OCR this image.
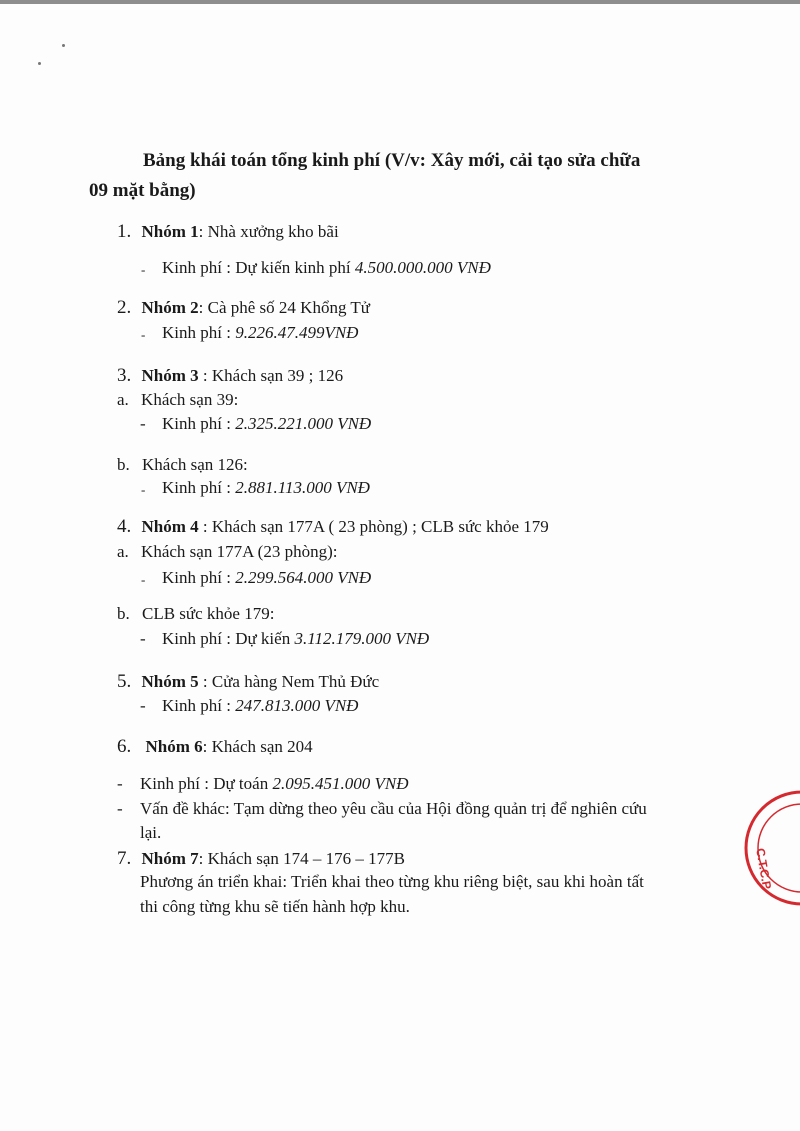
Bảng khái toán tổng kinh phí (V/v: Xây mới, cải tạo sửa chữa
09 mặt bằng)
1. Nhóm 1: Nhà xưởng kho bãi
- Kinh phí : Dự kiến kinh phí 4.500.000.000 VNĐ
2. Nhóm 2: Cà phê số 24 Khổng Tử
- Kinh phí : 9.226.47.499VNĐ
3. Nhóm 3 : Khách sạn 39 ; 126
a. Khách sạn 39:
- Kinh phí : 2.325.221.000 VNĐ
b. Khách sạn 126:
- Kinh phí : 2.881.113.000 VNĐ
4. Nhóm 4 : Khách sạn 177A ( 23 phòng) ; CLB sức khỏe 179
a. Khách sạn 177A (23 phòng):
- Kinh phí : 2.299.564.000 VNĐ
b. CLB sức khỏe 179:
- Kinh phí : Dự kiến 3.112.179.000 VNĐ
5. Nhóm 5 : Cửa hàng Nem Thủ Đức
- Kinh phí : 247.813.000 VNĐ
6. Nhóm 6: Khách sạn 204
- Kinh phí : Dự toán 2.095.451.000 VNĐ
- Vấn đề khác: Tạm dừng theo yêu cầu của Hội đồng quản trị để nghiên cứu
lại.
7. Nhóm 7: Khách sạn 174 – 176 – 177B
Phương án triển khai: Triển khai theo từng khu riêng biệt, sau khi hoàn tất
thi công từng khu sẽ tiến hành hợp khu.
C.T.C.P
